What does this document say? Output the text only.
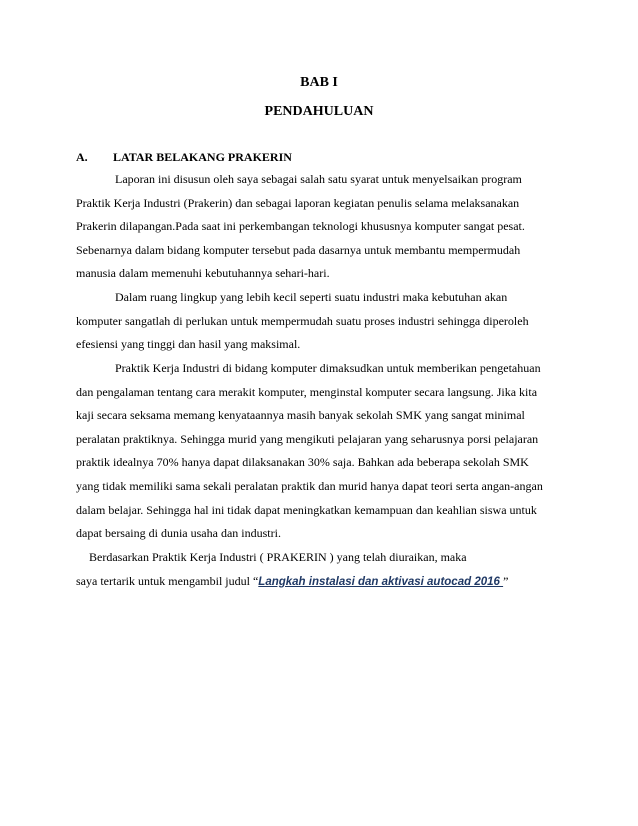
BAB I
PENDAHULUAN
A. LATAR BELAKANG PRAKERIN

Laporan ini disusun oleh saya sebagai salah satu syarat untuk menyelsaikan program
Praktik Kerja Industri (Prakerin) dan sebagai laporan kegiatan penulis selama melaksanakan
Prakerin dilapangan.Pada saat ini perkembangan teknologi khususnya komputer sangat pesat.
Sebenarnya dalam bidang komputer tersebut pada dasarnya untuk membantu mempermudah
manusia dalam memenuhi kebutuhannya sehari-hari.

Dalam ruang lingkup yang lebih kecil seperti suatu industri maka kebutuhan akan
komputer sangatlah di perlukan untuk mempermudah suatu proses industri sehingga diperoleh
efesiensi yang tinggi dan hasil yang maksimal.

Praktik Kerja Industri di bidang komputer dimaksudkan untuk memberikan pengetahuan
dan pengalaman tentang cara merakit komputer, menginstal komputer secara langsung. Jika kita
kaji secara seksama memang kenyataannya masih banyak sekolah SMK yang sangat minimal
peralatan praktiknya. Sehingga murid yang mengikuti pelajaran yang seharusnya porsi pelajaran
praktik idealnya 70% hanya dapat dilaksanakan 30% saja. Bahkan ada beberapa sekolah SMK
yang tidak memiliki sama sekali peralatan praktik dan murid hanya dapat teori serta angan-angan
dalam belajar. Sehingga hal ini tidak dapat meningkatkan kemampuan dan keahlian siswa untuk
dapat bersaing di dunia usaha dan industri.

Berdasarkan Praktik Kerja Industri ( PRAKERIN ) yang telah diuraikan, maka

saya tertarik untuk mengambil judul “Langkah instalasi dan aktivasi autocad 2016 ”
